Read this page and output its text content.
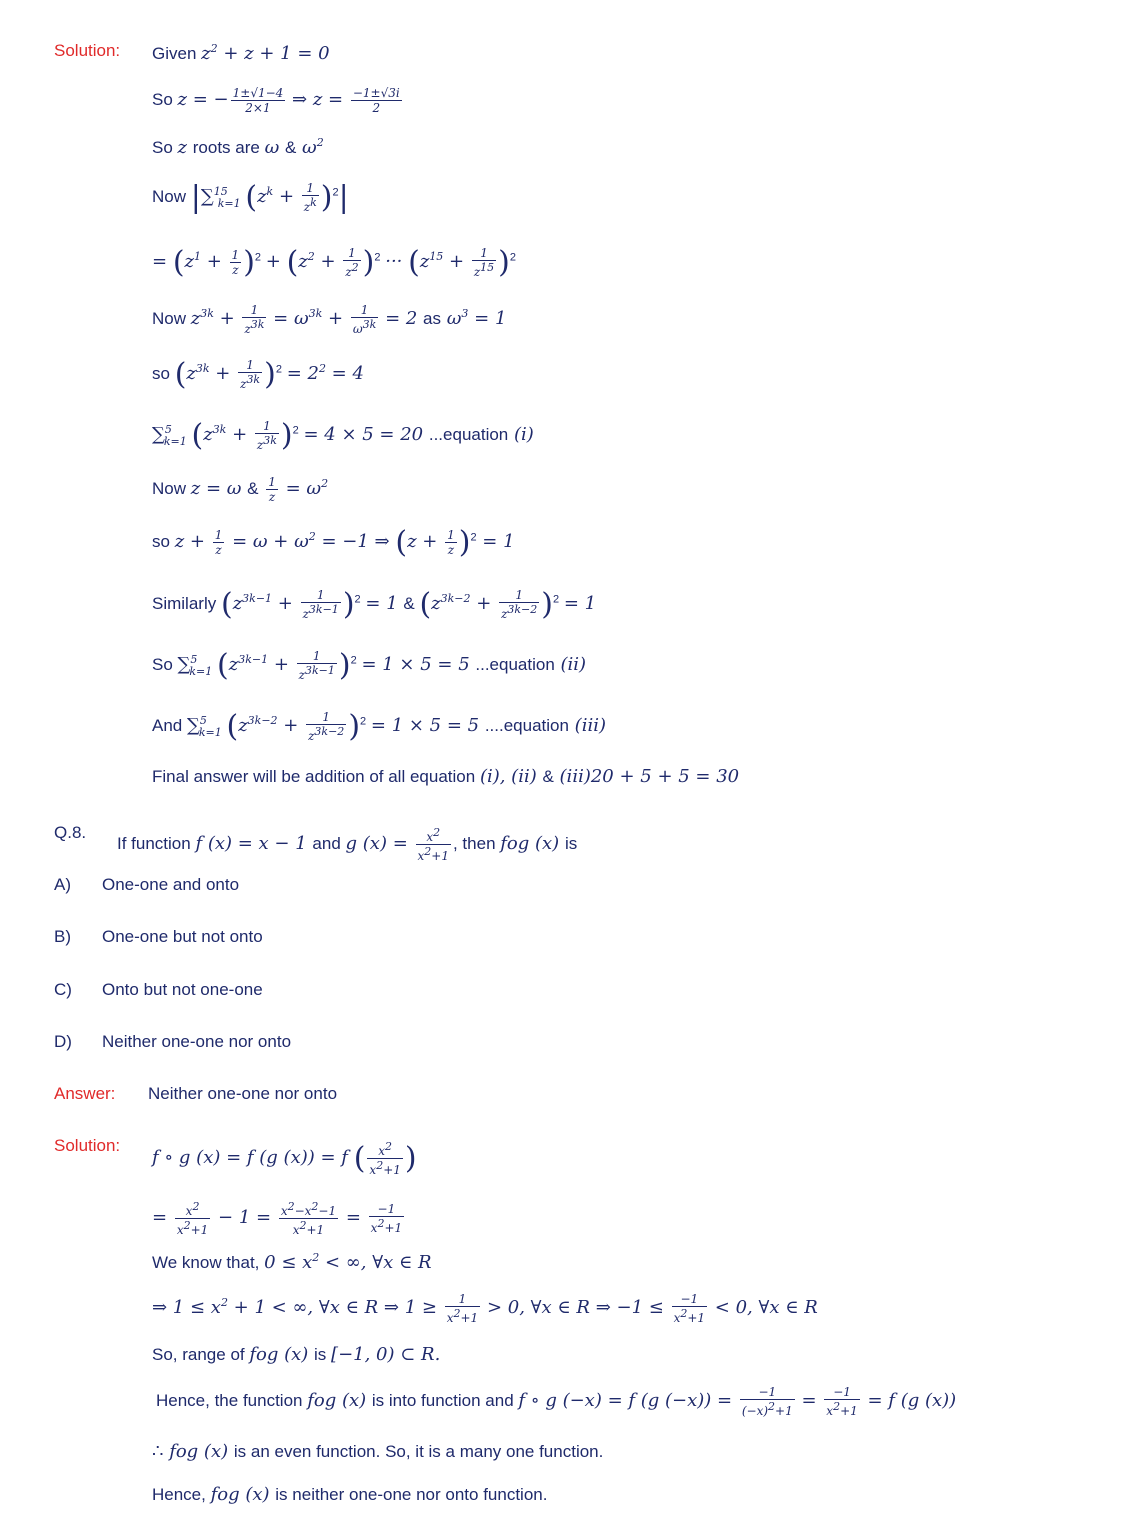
Solution: Given $z^2 + z + 1 = 0$
So z = − $\frac{1\pm√1-4}{2\times 1}$ ⇒ $z = \frac{-1\pm√3i}{2}$
So z roots are ω & $\omega^2$
Now |∑$^{15}_{k=1}$ $(z^k + \frac{1}{z^k} )^2|$
= $(z^1 + \frac{1}{z} )^2 + (z^2 + \frac{1}{z^2} )^2$ ··· $(z^{15} + \frac{1}{z^{15}} )^2$
Now $z^{3k} + \frac{1}{z^{3k}} = \omega^{3k} + \frac{1}{\omega^{3k}} = 2$ as $\omega^3 = 1$
so $(z^{3k} + \frac{1}{z^{3k}} )^2 = 2^2 = 4$
∑$^5_{k=1}$ $(z^{3k} + \frac{1}{z^{3k}} )^2 = 4 \times 5 = 20$ ...equation (i)
Now z = ω & $\frac{1}{z} = \omega^2$
so $z + \frac{1}{z} = \omega + \omega^2 = -1$ ⇒ $(z + \frac{1}{z} )^2 = 1$
Similarly $(z^{3k-1} + \frac{1}{z^{3k-1}} )^2 = 1$ & $(z^{3k-2} + \frac{1}{z^{3k-2}} )^2 = 1$
So ∑$^5_{k=1}$ $(z^{3k-1} + \frac{1}{z^{3k-1}} )^2 = 1 \times 5 = 5$ ...equation (ii)
And ∑$^5_{k=1}$ $(z^{3k-2} + \frac{1}{z^{3k-2}} )^2 = 1 \times 5 = 5$ ....equation (iii)
Final answer will be addition of all equation (i), (ii) & (iii)20 + 5 + 5 = 30
Q.8.
If function f (x) = x − 1 and g $(x) = \frac{x^2}{x^2+1}$ , then fog (x) is
A) One-one and onto
B) One-one but not onto
C) Onto but not one-one
D) Neither one-one nor onto
Answer: Neither one-one nor onto
Solution:
f ∘ g (x) = f (g (x)) = f ( $\frac{x^2}{x^2+1}$ )
= $\frac{x^2}{x^2+1} - 1 = \frac{x^2-x^2-1}{x^2+1} = \frac{-1}{x^2+1}$
We know that, $0 \le x^2$ < ∞, ∀x ∈ R
⇒ $1 \le x^2 + 1$ < ∞, ∀x ∈ R ⇒ $1 \ge \frac{1}{x^2+1} > 0$, ∀x ∈ R ⇒ $-1 \le \frac{-1}{x^2+1} < 0$, ∀x ∈ R
So, range of fog (x) is [−1, 0) ⊂ R.
Hence, the function fog (x) is into function and f ∘ g (−x) = f (g $(-x)) = \frac{-1}{(-x)^2+1} = \frac{-1}{x^2+1} = f$ (g (x))
∴ fog (x) is an even function. So, it is a many one function.
Hence, fog (x) is neither one-one nor onto function.
